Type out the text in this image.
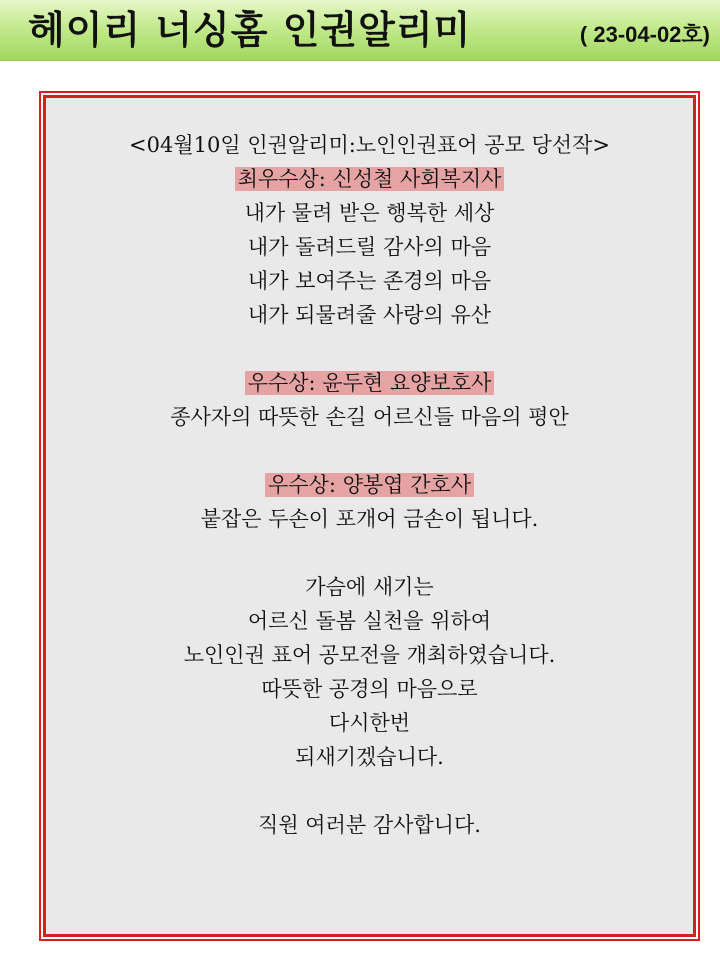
헤이리 너싱홈 인권알리미	( 23-04-02호)
<04월10일 인권알리미:노인인권표어 공모 당선작>
최우수상: 신성철 사회복지사
내가 물려 받은 행복한 세상
내가 돌려드릴 감사의 마음
내가 보여주는 존경의 마음
내가 되물려줄 사랑의 유산
우수상: 윤두현 요양보호사
종사자의 따뜻한 손길 어르신들 마음의 평안
우수상: 양봉엽 간호사
붙잡은 두손이 포개어 금손이 됩니다.
가슴에 새기는
어르신 돌봄 실천을 위하여
노인인권 표어 공모전을 개최하였습니다.
따뜻한 공경의 마음으로
다시한번
되새기겠습니다.
직원 여러분 감사합니다.
